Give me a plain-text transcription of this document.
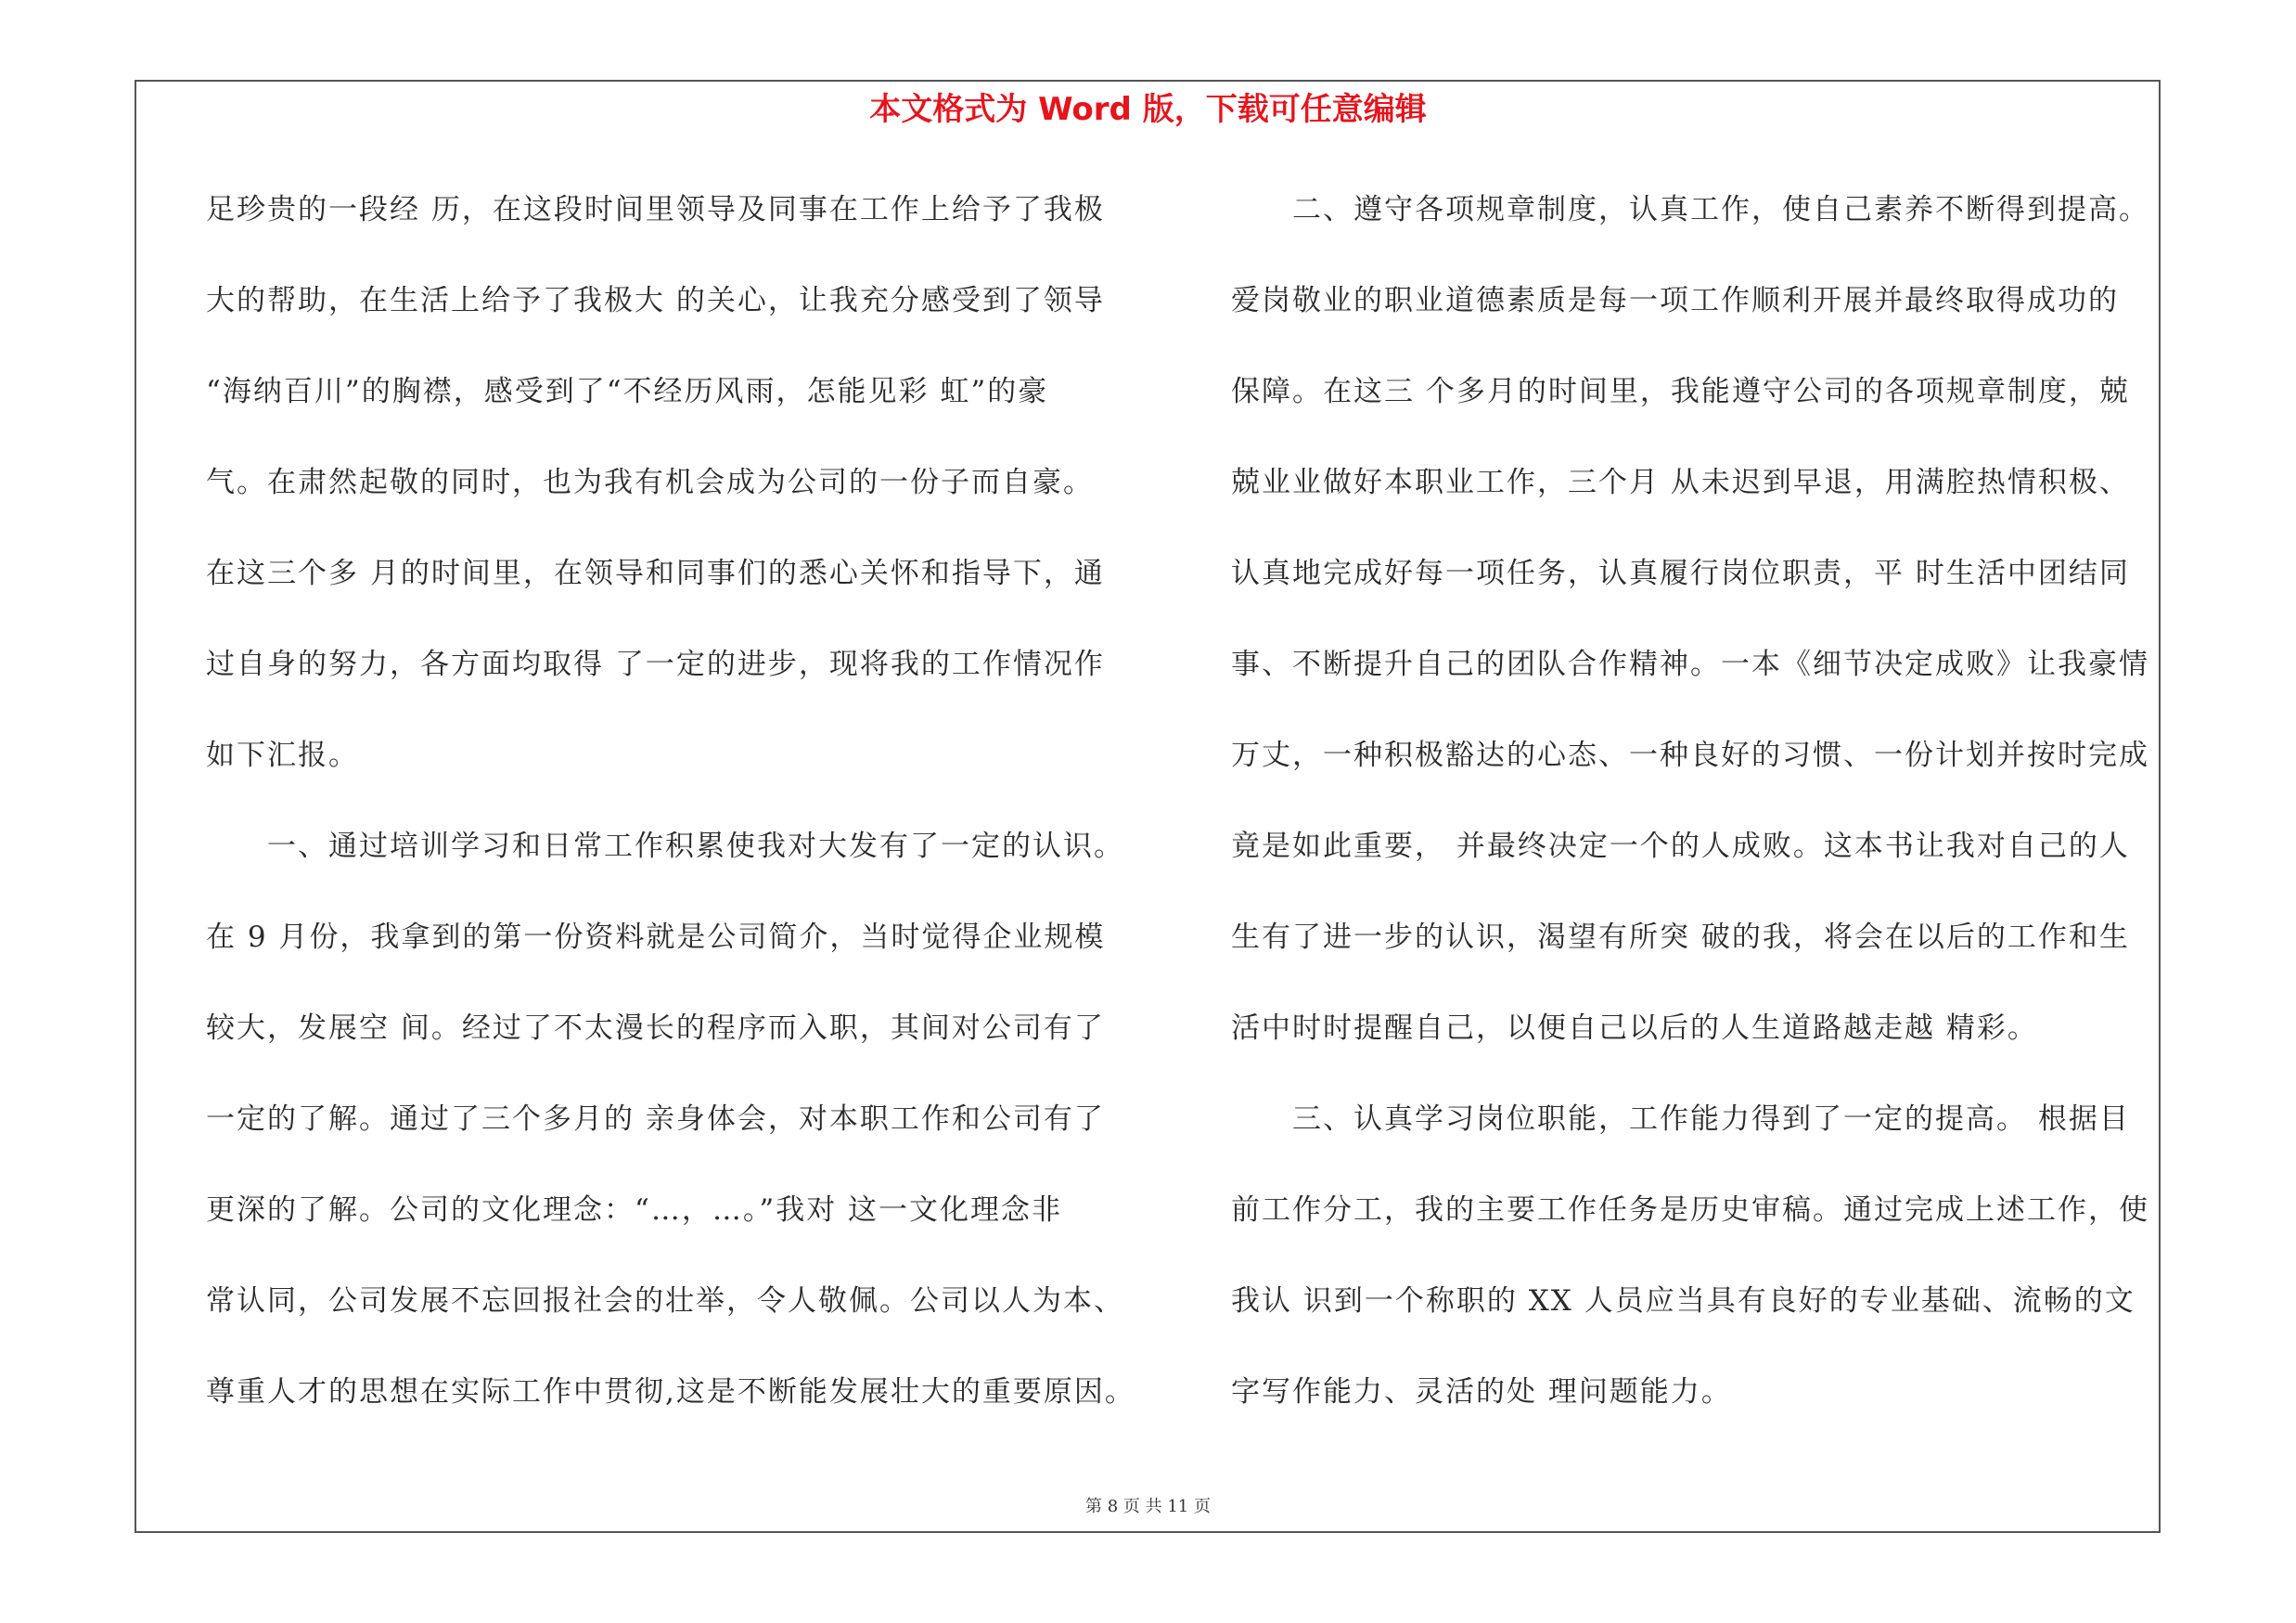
本文格式为 Word 版，下载可任意编辑
足珍贵的一段经 历，在这段时间里领导及同事在工作上给予了我极
大的帮助，在生活上给予了我极大 的关心，让我充分感受到了领导
“海纳百川”的胸襟，感受到了“不经历风雨，怎能见彩 虹”的豪
气。在肃然起敬的同时，也为我有机会成为公司的一份子而自豪。
在这三个多 月的时间里，在领导和同事们的悉心关怀和指导下，通
过自身的努力，各方面均取得 了一定的进步，现将我的工作情况作
如下汇报。
　　一、通过培训学习和日常工作积累使我对大发有了一定的认识。
在 9 月份，我拿到的第一份资料就是公司简介，当时觉得企业规模
较大，发展空 间。经过了不太漫长的程序而入职，其间对公司有了
一定的了解。通过了三个多月的 亲身体会，对本职工作和公司有了
更深的了解。公司的文化理念：“…，…。”我对 这一文化理念非
常认同，公司发展不忘回报社会的壮举，令人敬佩。公司以人为本、
尊重人才的思想在实际工作中贯彻,这是不断能发展壮大的重要原因。
　　二、遵守各项规章制度，认真工作，使自己素养不断得到提高。
爱岗敬业的职业道德素质是每一项工作顺利开展并最终取得成功的
保障。在这三 个多月的时间里，我能遵守公司的各项规章制度，兢
兢业业做好本职业工作，三个月 从未迟到早退，用满腔热情积极、
认真地完成好每一项任务，认真履行岗位职责，平 时生活中团结同
事、不断提升自己的团队合作精神。一本《细节决定成败》让我豪情
万丈，一种积极豁达的心态、一种良好的习惯、一份计划并按时完成
竟是如此重要， 并最终决定一个的人成败。这本书让我对自己的人
生有了进一步的认识，渴望有所突 破的我，将会在以后的工作和生
活中时时提醒自己，以便自己以后的人生道路越走越 精彩。
　　三、认真学习岗位职能，工作能力得到了一定的提高。 根据目
前工作分工，我的主要工作任务是历史审稿。通过完成上述工作，使
我认 识到一个称职的 XX 人员应当具有良好的专业基础、流畅的文
字写作能力、灵活的处 理问题能力。
第 8 页 共 11 页
